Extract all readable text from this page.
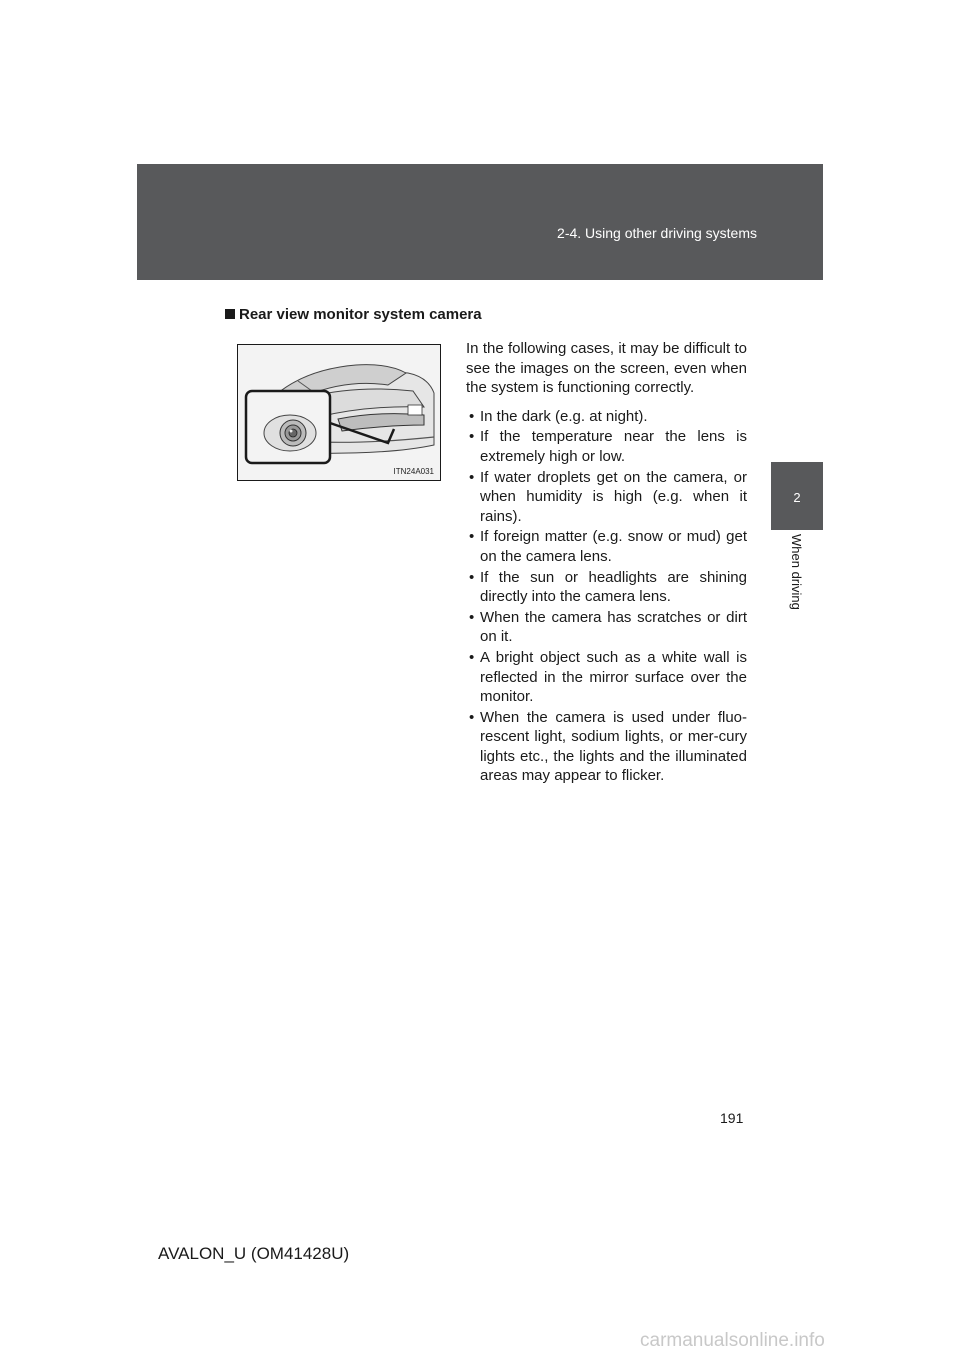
2-4. Using other driving systems
2
When driving
Rear view monitor system camera
ITN24A031

In the following cases, it may be difficult to see the images on the screen, even when the system is functioning correctly.

• In the dark (e.g. at night).
• If the temperature near the lens is extremely high or low.
• If water droplets get on the camera, or when humidity is high (e.g. when it rains).
• If foreign matter (e.g. snow or mud) get on the camera lens.
• If the sun or headlights are shining directly into the camera lens.
• When the camera has scratches or dirt on it.
• A bright object such as a white wall is reflected in the mirror surface over the monitor.
• When the camera is used under fluo-rescent light, sodium lights, or mer-cury lights etc., the lights and the illuminated areas may appear to flicker.
191
AVALON_U (OM41428U)
carmanualsonline.info
